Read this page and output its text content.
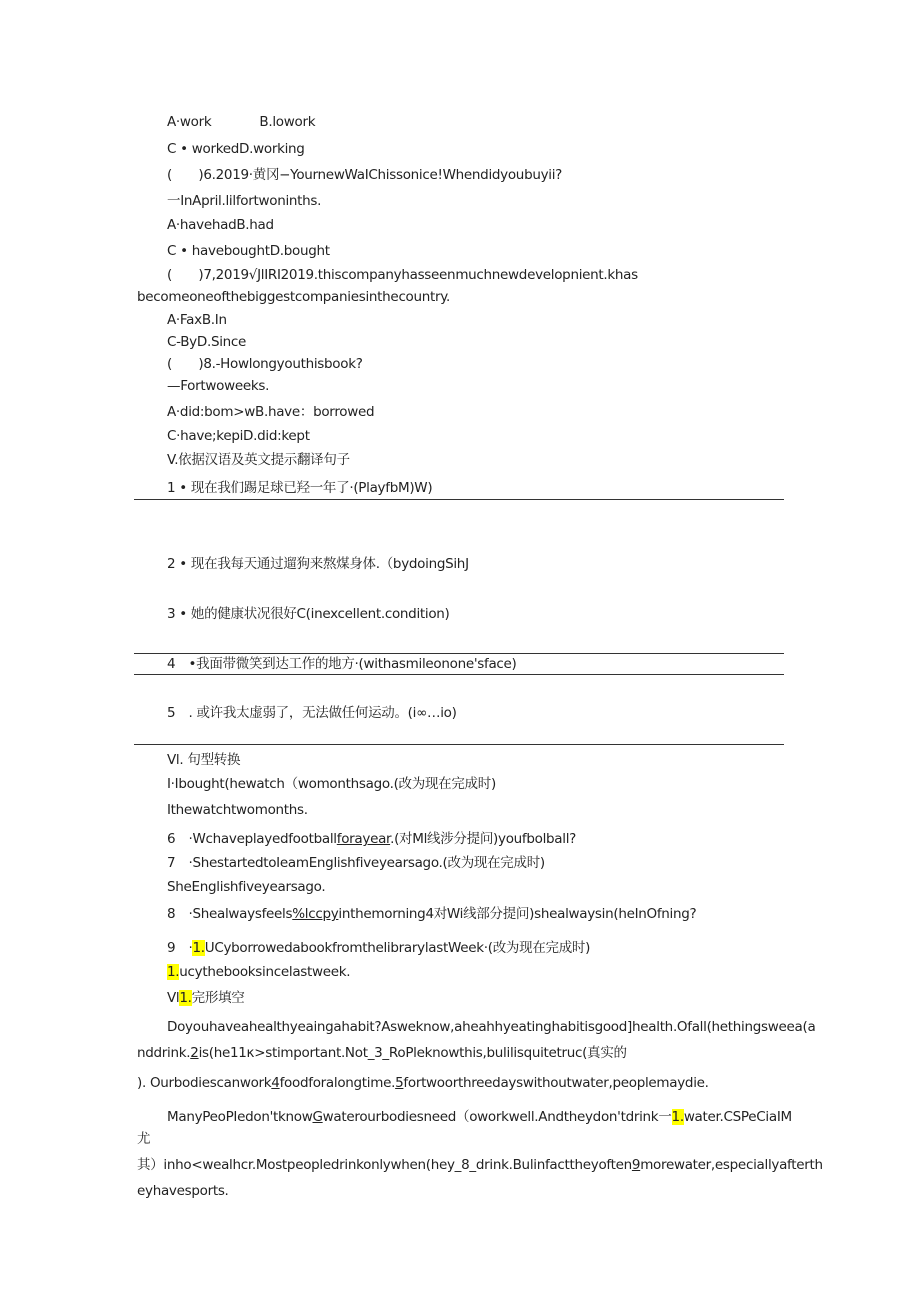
A·work	B.lowork
C • workedD.working
(　　)6.2019·黄冈−YournewWaIChissonice!Whendidyoubuyii?
一InApril.lilfortwoninths.
A·havehadB.had
C • haveboughtD.bought
(　　)7,2019√JlIRI2019.thiscompanyhasseenmuchnewdevelopnient.khas
becomeoneofthebiggestcompaniesinthecountry.
A·FaxB.In
C-ByD.Since
(　　)8.-Howlongyouthisbook?
—Fortwoweeks.
A·did:bom>wB.have：borrowed
C·have;kepiD.did:kept
V.依据汉语及英文提示翻译句子
1 • 现在我们踢足球已羟一年了·(PlayfbM)W)
2 • 现在我每天通过遛狗来熬煤身体.（bydoingSihJ
3 • 她的健康状况很好C(inexcellent.condition)
4　•我面带微笑到达工作的地方·(withasmileonone'sface)
5　. 或许我太虚弱了，无法做任何运动。(i∞…io)
Vl. 句型转换
I·Ibought(hewatch（womonthsago.(改为现在完成时)
Ithewatchtwomonths.
6　·Wchaveplayedfootballforayear.(对Ml线涉分提问)youfbolball?
7　·ShestartedtoIeamEnglishfiveyearsago.(改为现在完成时)
SheEnglishfiveyearsago.
8　·Shealwaysfeels%lccpyinthemorning4对Wi线部分提问)shealwaysin(heInOfning?
9　·1.UCyborrowedabookfromthelibrarylastWeek·(改为现在完成时)
1.ucythebooksincelastweek.
Vl1.完形填空
Doyouhaveahealthyeaingahabit?Asweknow,aheahhyeatinghabitisgood]health.Ofall(hethingsweea(a
nddrink.2is(he11κ>stimportant.Not_3_RoPleknowthis,bulilisquitetruc(真实的
). Ourbodiescanwork4foodforalongtime.5fortwoorthreedayswithoutwater,peoplemaydie.
ManyPeoPIedon'tknowGwaterourbodiesneed（oworkwell.Andtheydon'tdrink一1.water.CSPeCiaIM
尤
其）inho<wealhcr.Mostpeopledrinkonlywhen(hey_8_drink.Bulinfacttheyoften9morewater,especiallyafterth
eyhavesports.
